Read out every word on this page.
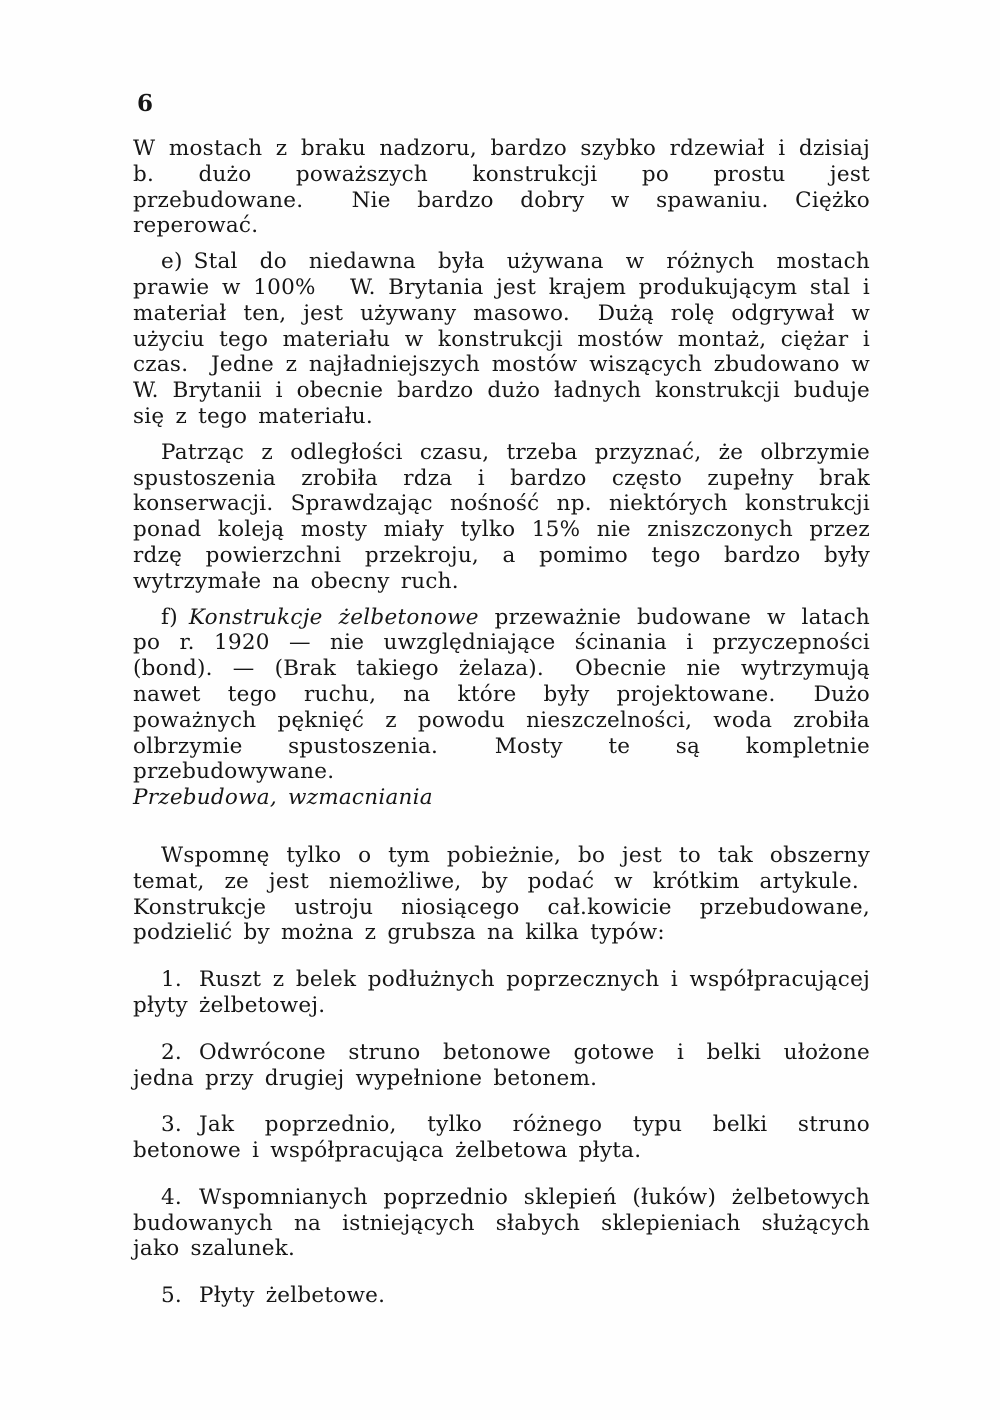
6

W mostach z braku nadzoru, bardzo szybko rdzewiał i dzisiaj b. dużo poważszych konstrukcji po prostu jest przebudowane.  Nie bardzo dobry w spawaniu. Ciężko reperować.

e) Stal do niedawna była używana w różnych mostach prawie w 100%  W. Brytania jest krajem produkującym stal i materiał ten, jest używany masowo.  Dużą rolę odgrywał w użyciu tego materiału w konstrukcji mostów montaż, ciężar i czas.  Jedne z najładniejszych mostów wiszących zbudowano w W. Brytanii i obecnie bardzo dużo ładnych konstrukcji buduje się z tego materiału.

Patrząc z odległości czasu, trzeba przyznać, że olbrzymie spustoszenia zrobiła rdza i bardzo często zupełny brak konserwacji. Sprawdzając nośność np. niektórych konstrukcji ponad koleją mosty miały tylko 15% nie zniszczonych przez rdzę powierzchni przekroju, a pomimo tego bardzo były wytrzymałe na obecny ruch.

f) Konstrukcje żelbetonowe przeważnie budowane w latach po r. 1920 — nie uwzględniające ścinania i przyczepności (bond). — (Brak takiego żelaza).  Obecnie nie wytrzymują nawet tego ruchu, na które były projektowane.  Dużo poważnych pęknięć z powodu nieszczelności, woda zrobiła olbrzymie spustoszenia.  Mosty te są kompletnie przebudowywane.

Przebudowa, wzmacniania

Wspomnę tylko o tym pobieżnie, bo jest to tak obszerny temat, ze jest niemożliwe, by podać w krótkim artykule.  Konstrukcje ustroju niosiącego cał.kowicie przebudowane, podzielić by można z grubsza na kilka typów:

1. Ruszt z belek podłużnych poprzecznych i współpracującej płyty żelbetowej.

2. Odwrócone struno betonowe gotowe i belki ułożone jedna przy drugiej wypełnione betonem.

3. Jak poprzednio, tylko różnego typu belki struno betonowe i współpracująca żelbetowa płyta.

4. Wspomnianych poprzednio sklepień (łuków) żelbetowych budowanych na istniejących słabych sklepieniach służących jako szalunek.

5. Płyty żelbetowe.
